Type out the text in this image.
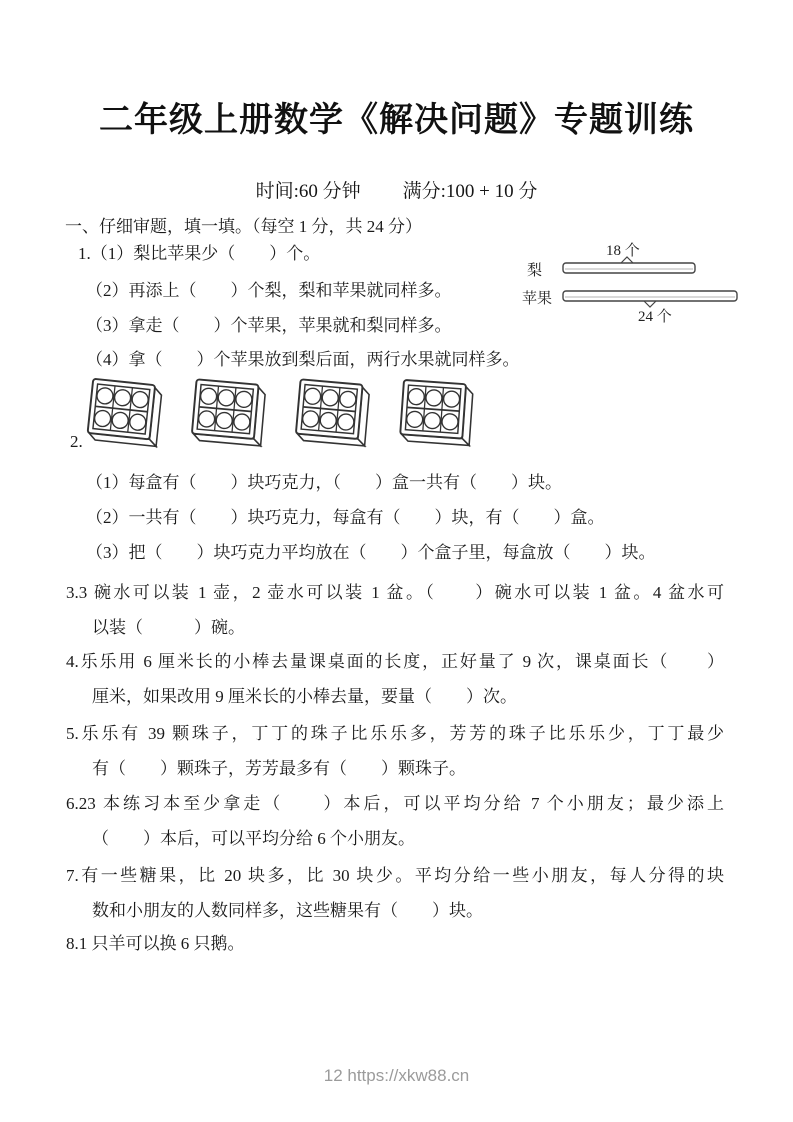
二年级上册数学《解决问题》专题训练
时间:60 分钟 满分:100 + 10 分
一、仔细审题，填一填。（每空 1 分，共 24 分）
1.（1）梨比苹果少（　　）个。
（2）再添上（　　）个梨，梨和苹果就同样多。
（3）拿走（　　）个苹果，苹果就和梨同样多。
（4）拿（　　）个苹果放到梨后面，两行水果就同样多。
18 个
梨
苹果
24 个
2.
（1）每盒有（　　）块巧克力，（　　）盒一共有（　　）块。
（2）一共有（　　）块巧克力，每盒有（　　）块，有（　　）盒。
（3）把（　　）块巧克力平均放在（　　）个盒子里，每盒放（　　）块。
3.3 碗水可以装 1 壶，2 壶水可以装 1 盆。（　　）碗水可以装 1 盆。4 盆水可
以装（　　　）碗。
4.乐乐用 6 厘米长的小棒去量课桌面的长度，正好量了 9 次，课桌面长（　　）
厘米，如果改用 9 厘米长的小棒去量，要量（　　）次。
5.乐乐有 39 颗珠子，丁丁的珠子比乐乐多，芳芳的珠子比乐乐少，丁丁最少
有（　　）颗珠子，芳芳最多有（　　）颗珠子。
6.23 本练习本至少拿走（　　）本后，可以平均分给 7 个小朋友；最少添上
（　　）本后，可以平均分给 6 个小朋友。
7.有一些糖果，比 20 块多，比 30 块少。平均分给一些小朋友，每人分得的块
数和小朋友的人数同样多，这些糖果有（　　）块。
8.1 只羊可以换 6 只鹅。
12 https://xkw88.cn
